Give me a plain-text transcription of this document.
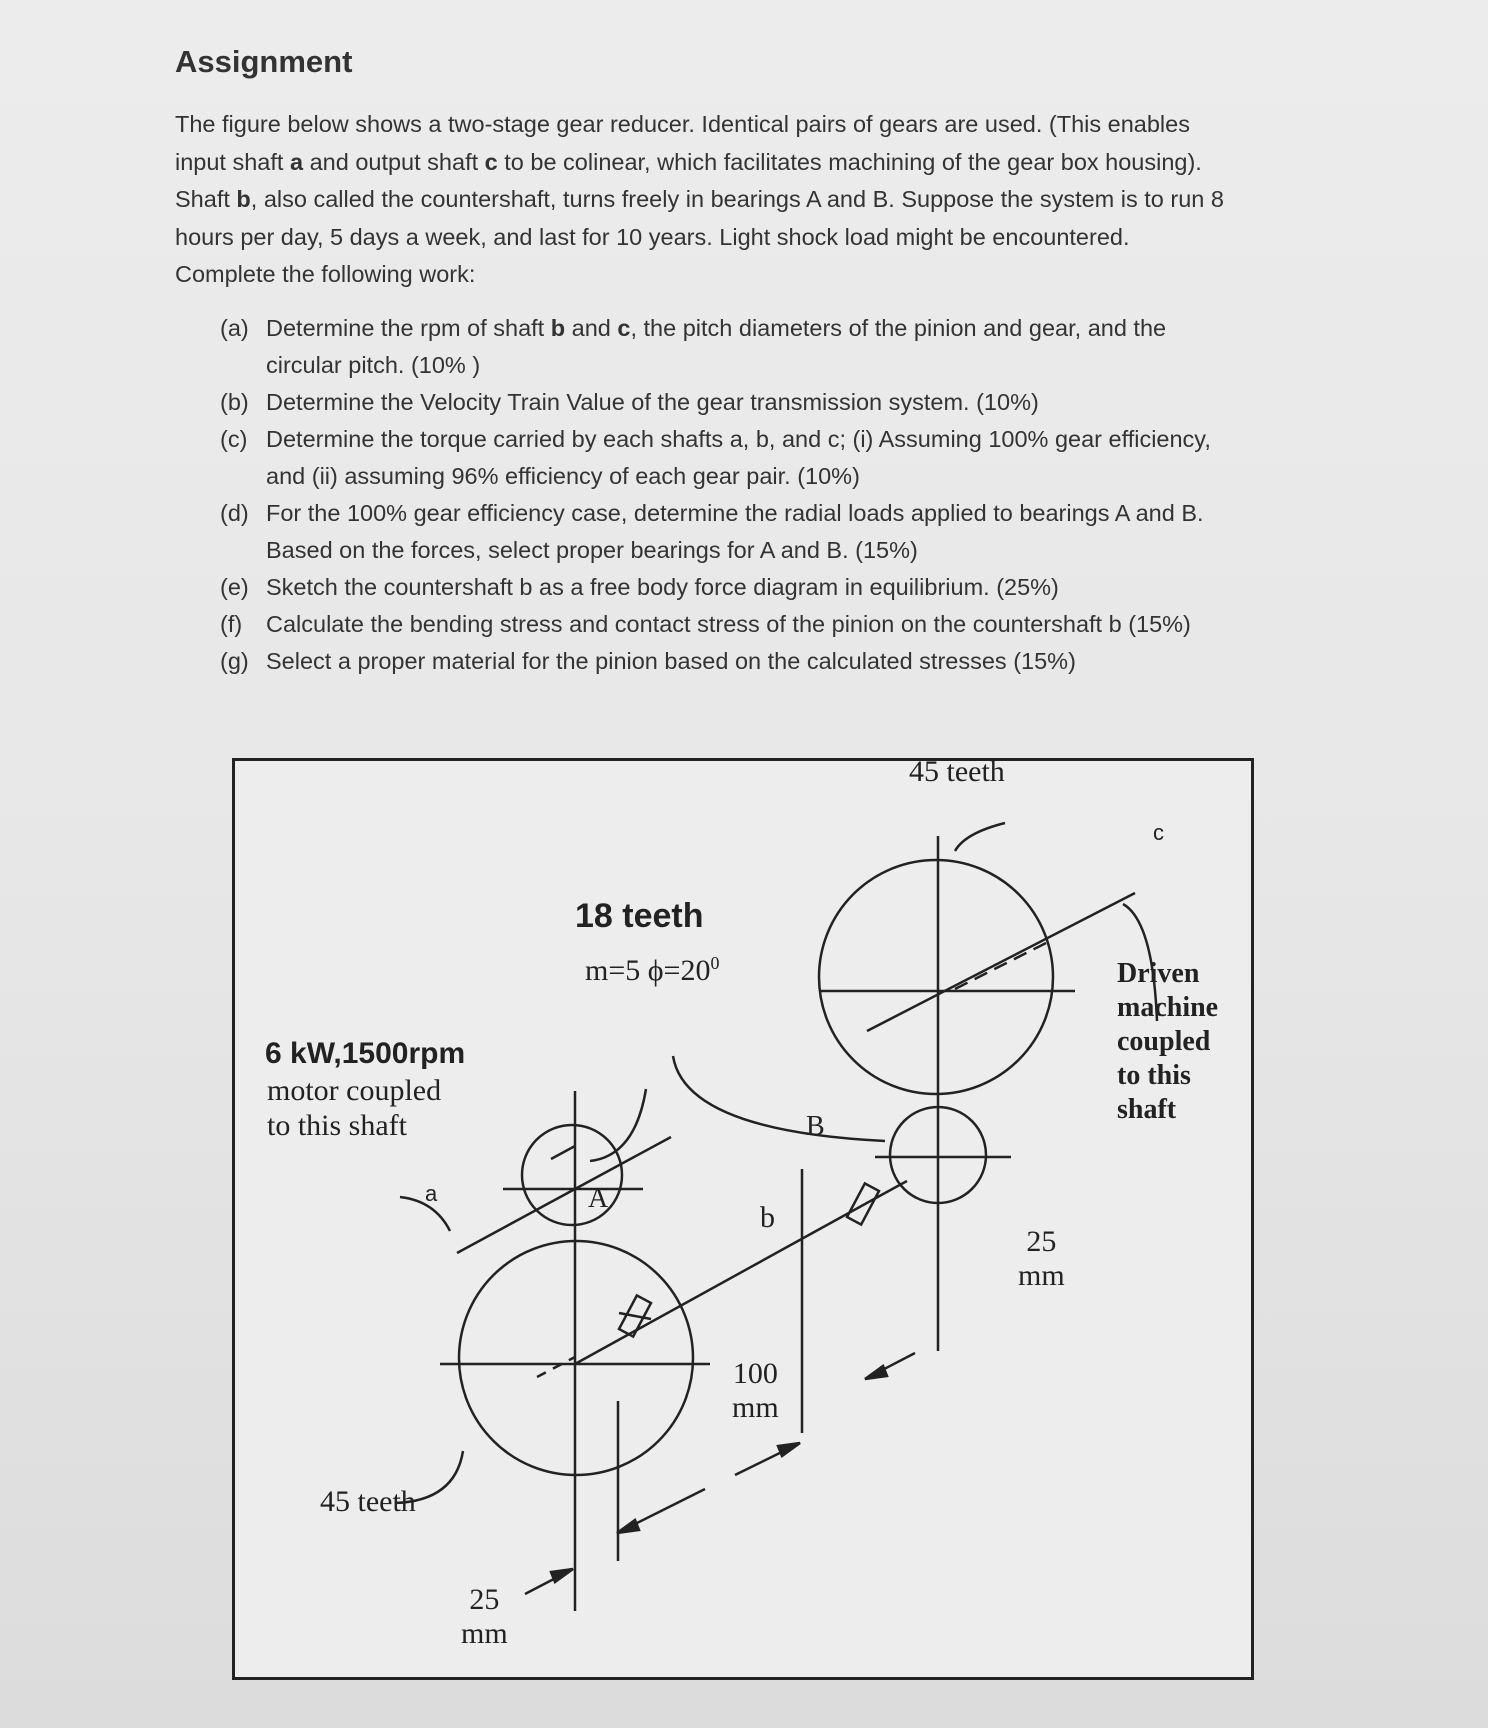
Assignment
The figure below shows a two-stage gear reducer. Identical pairs of gears are used. (This enables
input shaft a and output shaft c to be colinear, which facilitates machining of the gear box housing).
Shaft b, also called the countershaft, turns freely in bearings A and B. Suppose the system is to run 8
hours per day, 5 days a week, and last for 10 years. Light shock load might be encountered.
Complete the following work:
(a) Determine the rpm of shaft b and c, the pitch diameters of the pinion and gear, and the
circular pitch. (10% )
(b) Determine the Velocity Train Value of the gear transmission system. (10%)
(c) Determine the torque carried by each shafts a, b, and c; (i) Assuming 100% gear efficiency,
and (ii) assuming 96% efficiency of each gear pair. (10%)
(d) For the 100% gear efficiency case, determine the radial loads applied to bearings A and B.
Based on the forces, select proper bearings for A and B. (15%)
(e) Sketch the countershaft b as a free body force diagram in equilibrium. (25%)
(f) Calculate the bending stress and contact stress of the pinion on the countershaft b (15%)
(g) Select a proper material for the pinion based on the calculated stresses (15%)
45 teeth
c
18 teeth
m=5 $\phi=20^0$
6 kW,1500rpm
motor coupled
to this shaft
a	A
B
b
Driven
machine
coupled
to this
shaft
25
mm
100
mm
45 teeth
25
mm
